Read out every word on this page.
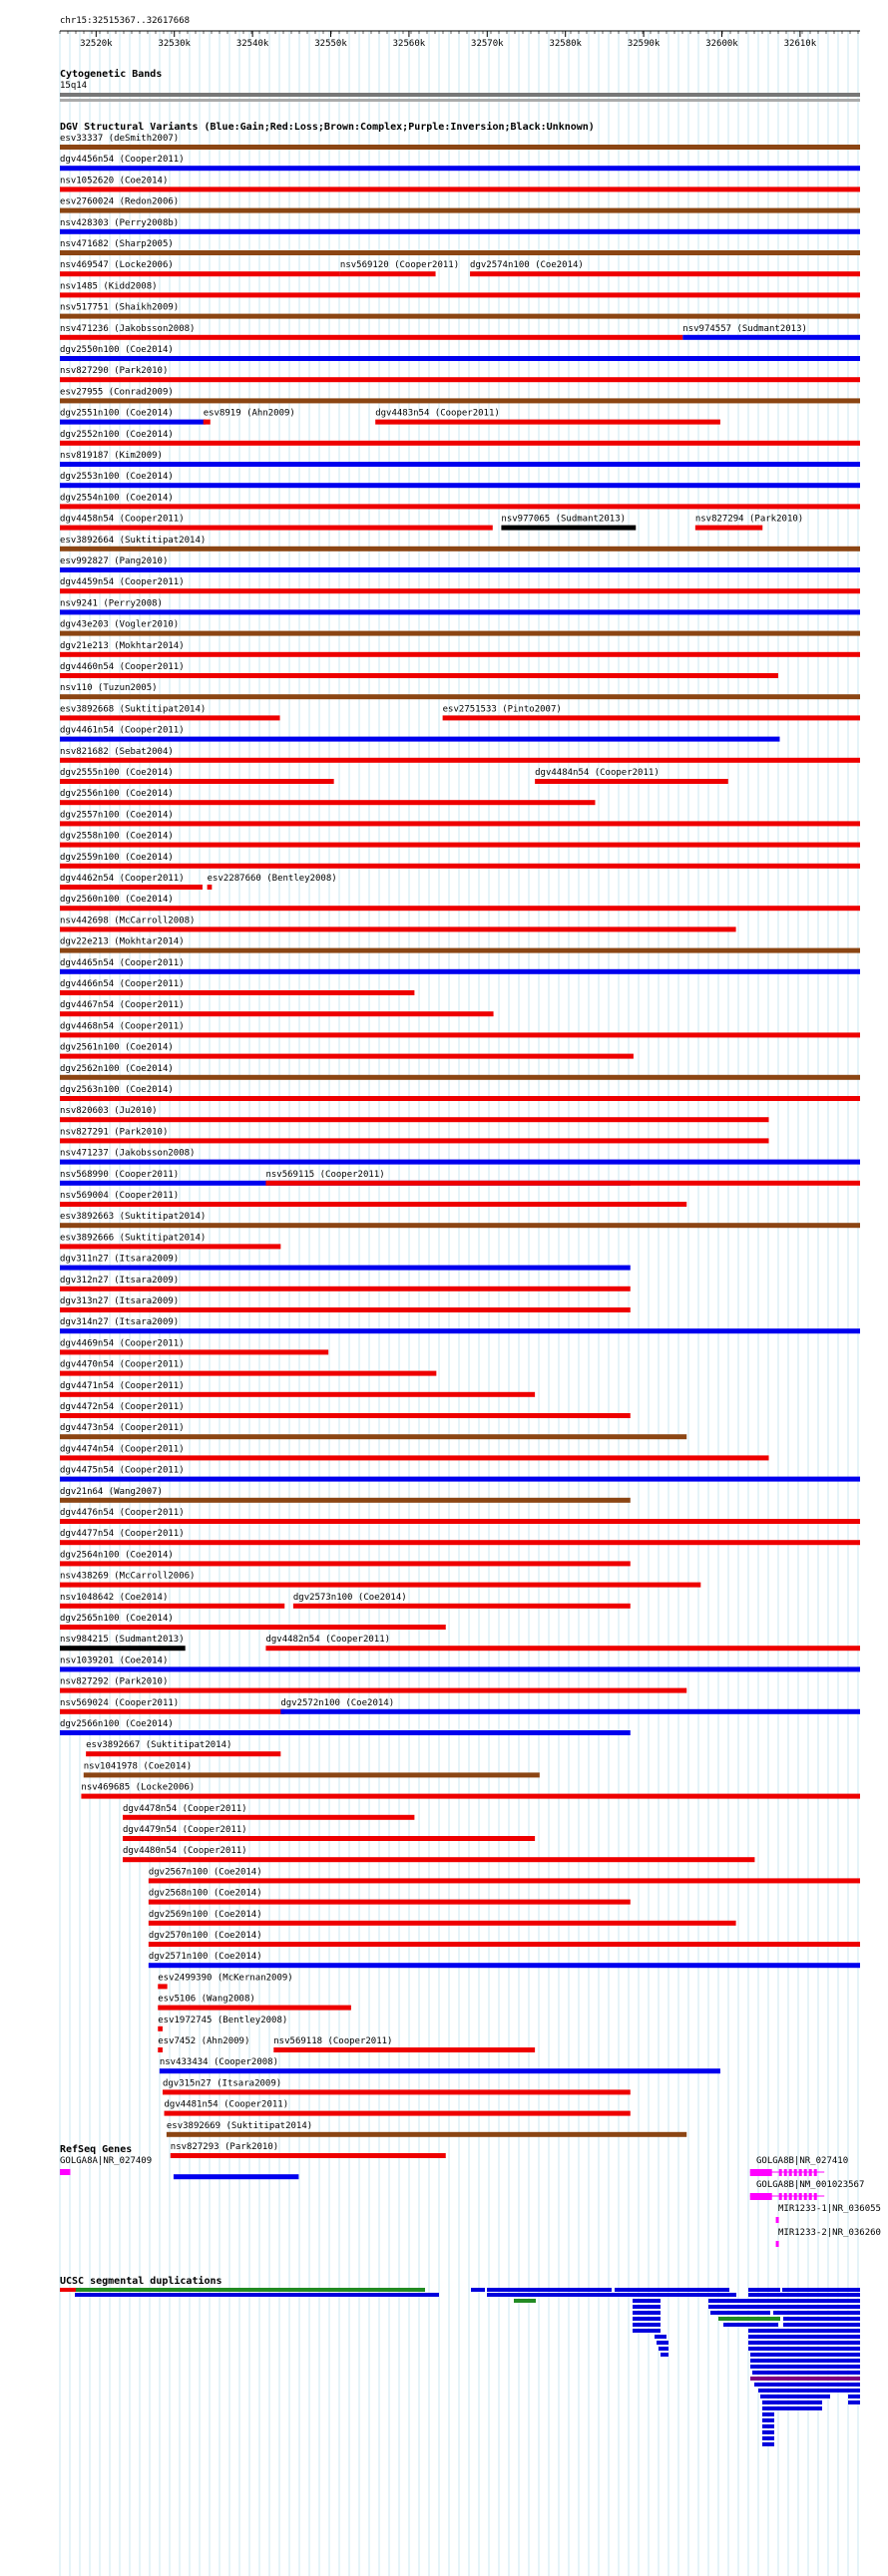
chr15:32515367..32617668
32520k	32530k	32540k	32550k	32560k	32570k	32580k	32590k	32600k	32610k
Cytogenetic Bands
15q14
DGV Structural Variants (Blue:Gain;Red:Loss;Brown:Complex;Purple:Inversion;Black:Unknown)
esv33337 (deSmith2007)
dgv4456n54 (Cooper2011)
nsv1052620 (Coe2014)
esv2760024 (Redon2006)
nsv428303 (Perry2008b)
nsv471682 (Sharp2005)
nsv469547 (Locke2006)	nsv569120 (Cooper2011) dgv2574n100 (Coe2014)
nsv1485 (Kidd2008)
nsv517751 (Shaikh2009)
nsv471236 (Jakobsson2008)	nsv974557 (Sudmant2013)
dgv2550n100 (Coe2014)
nsv827290 (Park2010)
esv27955 (Conrad2009)
dgv2551n100 (Coe2014)	esv8919 (Ahn2009)	dgv4483n54 (Cooper2011)
dgv2552n100 (Coe2014)
nsv819187 (Kim2009)
dgv2553n100 (Coe2014)
dgv2554n100 (Coe2014)
dgv4458n54 (Cooper2011)	nsv977065 (Sudmant2013)	nsv827294 (Park2010)
esv3892664 (Suktitipat2014)
esv992827 (Pang2010)
dgv4459n54 (Cooper2011)
nsv9241 (Perry2008)
dgv43e203 (Vogler2010)
dgv21e213 (Mokhtar2014)
dgv4460n54 (Cooper2011)
nsv110 (Tuzun2005)
esv3892668 (Suktitipat2014)	esv2751533 (Pinto2007)
dgv4461n54 (Cooper2011)
nsv821682 (Sebat2004)
dgv2555n100 (Coe2014)	dgv4484n54 (Cooper2011)
dgv2556n100 (Coe2014)
dgv2557n100 (Coe2014)
dgv2558n100 (Coe2014)
dgv2559n100 (Coe2014)
dgv4462n54 (Cooper2011)	esv2287660 (Bentley2008)
dgv2560n100 (Coe2014)
nsv442698 (McCarroll2008)
dgv22e213 (Mokhtar2014)
dgv4465n54 (Cooper2011)
dgv4466n54 (Cooper2011)
dgv4467n54 (Cooper2011)
dgv4468n54 (Cooper2011)
dgv2561n100 (Coe2014)
dgv2562n100 (Coe2014)
dgv2563n100 (Coe2014)
nsv820603 (Ju2010)
nsv827291 (Park2010)
nsv471237 (Jakobsson2008)
nsv568990 (Cooper2011)	nsv569115 (Cooper2011)
nsv569004 (Cooper2011)
esv3892663 (Suktitipat2014)
esv3892666 (Suktitipat2014)
dgv311n27 (Itsara2009)
dgv312n27 (Itsara2009)
dgv313n27 (Itsara2009)
dgv314n27 (Itsara2009)
dgv4469n54 (Cooper2011)
dgv4470n54 (Cooper2011)
dgv4471n54 (Cooper2011)
dgv4472n54 (Cooper2011)
dgv4473n54 (Cooper2011)
dgv4474n54 (Cooper2011)
dgv4475n54 (Cooper2011)
dgv21n64 (Wang2007)
dgv4476n54 (Cooper2011)
dgv4477n54 (Cooper2011)
dgv2564n100 (Coe2014)
nsv438269 (McCarroll2006)
nsv1048642 (Coe2014)	dgv2573n100 (Coe2014)
dgv2565n100 (Coe2014)
nsv984215 (Sudmant2013)	dgv4482n54 (Cooper2011)
nsv1039201 (Coe2014)
nsv827292 (Park2010)
nsv569024 (Cooper2011)	dgv2572n100 (Coe2014)
dgv2566n100 (Coe2014)
esv3892667 (Suktitipat2014)
nsv1041978 (Coe2014)
nsv469685 (Locke2006)
dgv4478n54 (Cooper2011)
dgv4479n54 (Cooper2011)
dgv4480n54 (Cooper2011)
dgv2567n100 (Coe2014)
dgv2568n100 (Coe2014)
dgv2569n100 (Coe2014)
dgv2570n100 (Coe2014)
dgv2571n100 (Coe2014)
esv2499390 (McKernan2009)
esv5106 (Wang2008)
esv1972745 (Bentley2008)
esv7452 (Ahn2009)	nsv569118 (Cooper2011)
nsv433434 (Cooper2008)
dgv315n27 (Itsara2009)
dgv4481n54 (Cooper2011)
esv3892669 (Suktitipat2014)
nsv827293 (Park2010)
RefSeq Genes
GOLGA8A|NR_027409	GOLGA8B|NR_027410
GOLGA8B|NM_001023567
MIR1233-1|NR_036055
MIR1233-2|NR_036260
UCSC segmental duplications
